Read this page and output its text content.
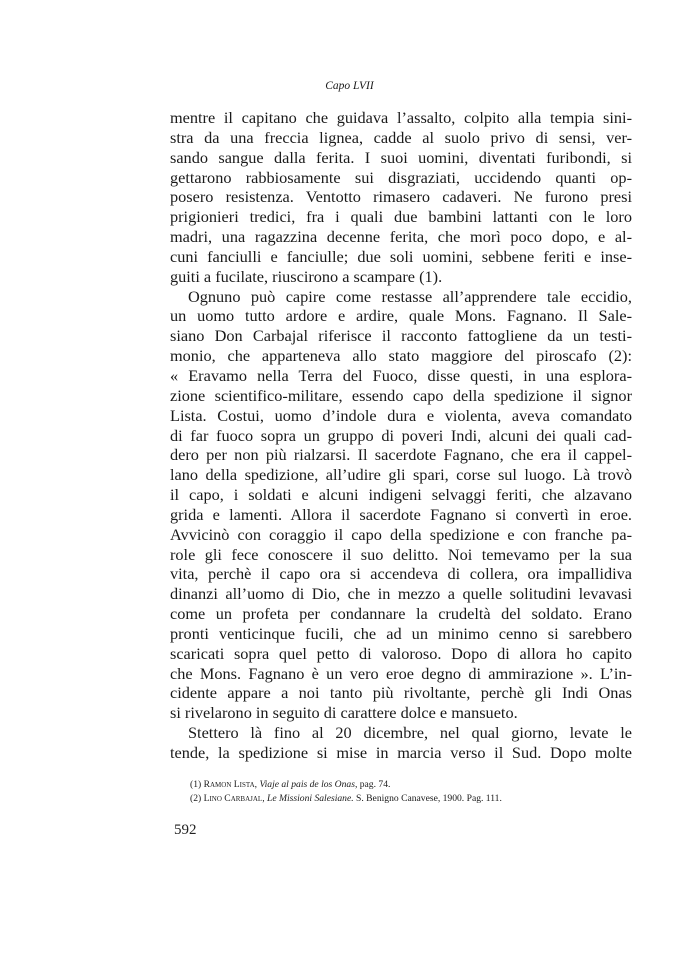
Capo LVII
mentre il capitano che guidava l’assalto, colpito alla tempia sini-
stra da una freccia lignea, cadde al suolo privo di sensi, ver-
sando sangue dalla ferita. I suoi uomini, diventati furibondi, si
gettarono rabbiosamente sui disgraziati, uccidendo quanti op-
posero resistenza. Ventotto rimasero cadaveri. Ne furono presi
prigionieri tredici, fra i quali due bambini lattanti con le loro
madri, una ragazzina decenne ferita, che morì poco dopo, e al-
cuni fanciulli e fanciulle; due soli uomini, sebbene feriti e inse-
guiti a fucilate, riuscirono a scampare (1).
Ognuno può capire come restasse all’apprendere tale eccidio,
un uomo tutto ardore e ardire, quale Mons. Fagnano. Il Sale-
siano Don Carbajal riferisce il racconto fattogliene da un testi-
monio, che apparteneva allo stato maggiore del piroscafo (2):
« Eravamo nella Terra del Fuoco, disse questi, in una esplora-
zione scientifico-militare, essendo capo della spedizione il signor
Lista. Costui, uomo d’indole dura e violenta, aveva comandato
di far fuoco sopra un gruppo di poveri Indi, alcuni dei quali cad-
dero per non più rialzarsi. Il sacerdote Fagnano, che era il cappel-
lano della spedizione, all’udire gli spari, corse sul luogo. Là trovò
il capo, i soldati e alcuni indigeni selvaggi feriti, che alzavano
grida e lamenti. Allora il sacerdote Fagnano si convertì in eroe.
Avvicinò con coraggio il capo della spedizione e con franche pa-
role gli fece conoscere il suo delitto. Noi temevamo per la sua
vita, perchè il capo ora si accendeva di collera, ora impallidiva
dinanzi all’uomo di Dio, che in mezzo a quelle solitudini levavasi
come un profeta per condannare la crudeltà del soldato. Erano
pronti venticinque fucili, che ad un minimo cenno si sarebbero
scaricati sopra quel petto di valoroso. Dopo di allora ho capito
che Mons. Fagnano è un vero eroe degno di ammirazione ». L’in-
cidente appare a noi tanto più rivoltante, perchè gli Indi Onas
si rivelarono in seguito di carattere dolce e mansueto.
Stettero là fino al 20 dicembre, nel qual giorno, levate le
tende, la spedizione si mise in marcia verso il Sud. Dopo molte
(1) Ramon Lista, Viaje al pais de los Onas, pag. 74.
(2) Lino Carbajal, Le Missioni Salesiane. S. Benigno Canavese, 1900. Pag. 111.
592
